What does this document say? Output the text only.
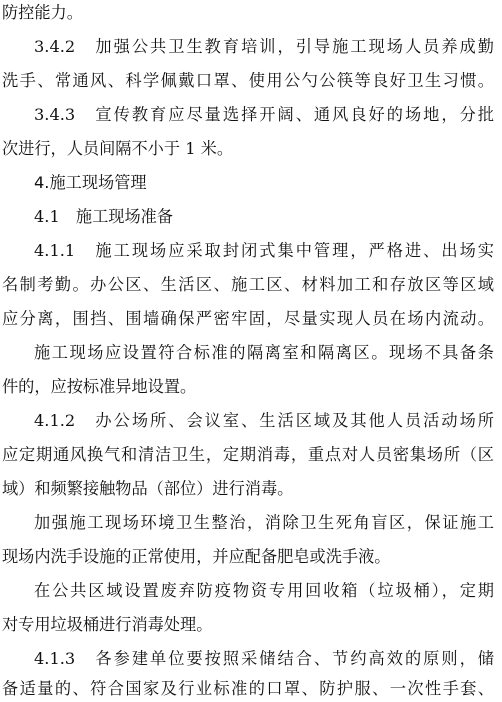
防控能力。
3.4.2　加强公共卫生教育培训，引导施工现场人员养成勤
洗手、常通风、科学佩戴口罩、使用公勺公筷等良好卫生习惯。
3.4.3　宣传教育应尽量选择开阔、通风良好的场地，分批
次进行，人员间隔不小于 1 米。
4.施工现场管理
4.1　施工现场准备
4.1.1　施工现场应采取封闭式集中管理，严格进、出场实
名制考勤。办公区、生活区、施工区、材料加工和存放区等区域
应分离，围挡、围墙确保严密牢固，尽量实现人员在场内流动。
施工现场应设置符合标准的隔离室和隔离区。现场不具备条
件的，应按标准异地设置。
4.1.2　办公场所、会议室、生活区域及其他人员活动场所
应定期通风换气和清洁卫生，定期消毒，重点对人员密集场所（区
域）和频繁接触物品（部位）进行消毒。
加强施工现场环境卫生整治，消除卫生死角盲区，保证施工
现场内洗手设施的正常使用，并应配备肥皂或洗手液。
在公共区域设置废弃防疫物资专用回收箱（垃圾桶），定期
对专用垃圾桶进行消毒处理。
4.1.3　各参建单位要按照采储结合、节约高效的原则，储
备适量的、符合国家及行业标准的口罩、防护服、一次性手套、
